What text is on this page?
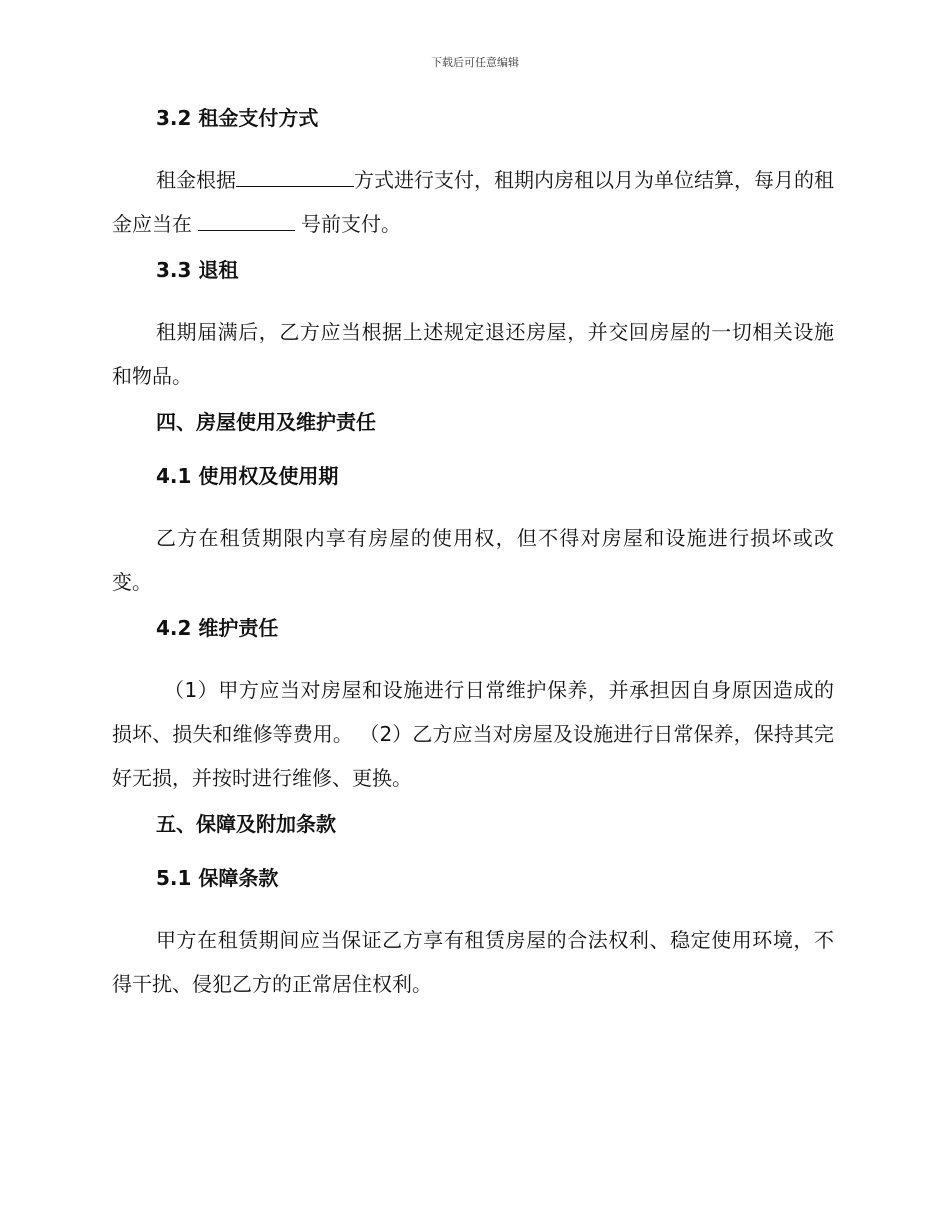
下载后可任意编辑
3.2 租金支付方式

租金根据	方式进行支付，租期内房租以月为单位结算，每月的租金应当在	号前支付。

3.3 退租

租期届满后，乙方应当根据上述规定退还房屋，并交回房屋的一切相关设施和物品。

四、房屋使用及维护责任
4.1 使用权及使用期

乙方在租赁期限内享有房屋的使用权，但不得对房屋和设施进行损坏或改变。

4.2 维护责任

（1）甲方应当对房屋和设施进行日常维护保养，并承担因自身原因造成的损坏、损失和维修等费用。 （2）乙方应当对房屋及设施进行日常保养，保持其完好无损，并按时进行维修、更换。

五、保障及附加条款
5.1 保障条款

甲方在租赁期间应当保证乙方享有租赁房屋的合法权利、稳定使用环境，不得干扰、侵犯乙方的正常居住权利。
